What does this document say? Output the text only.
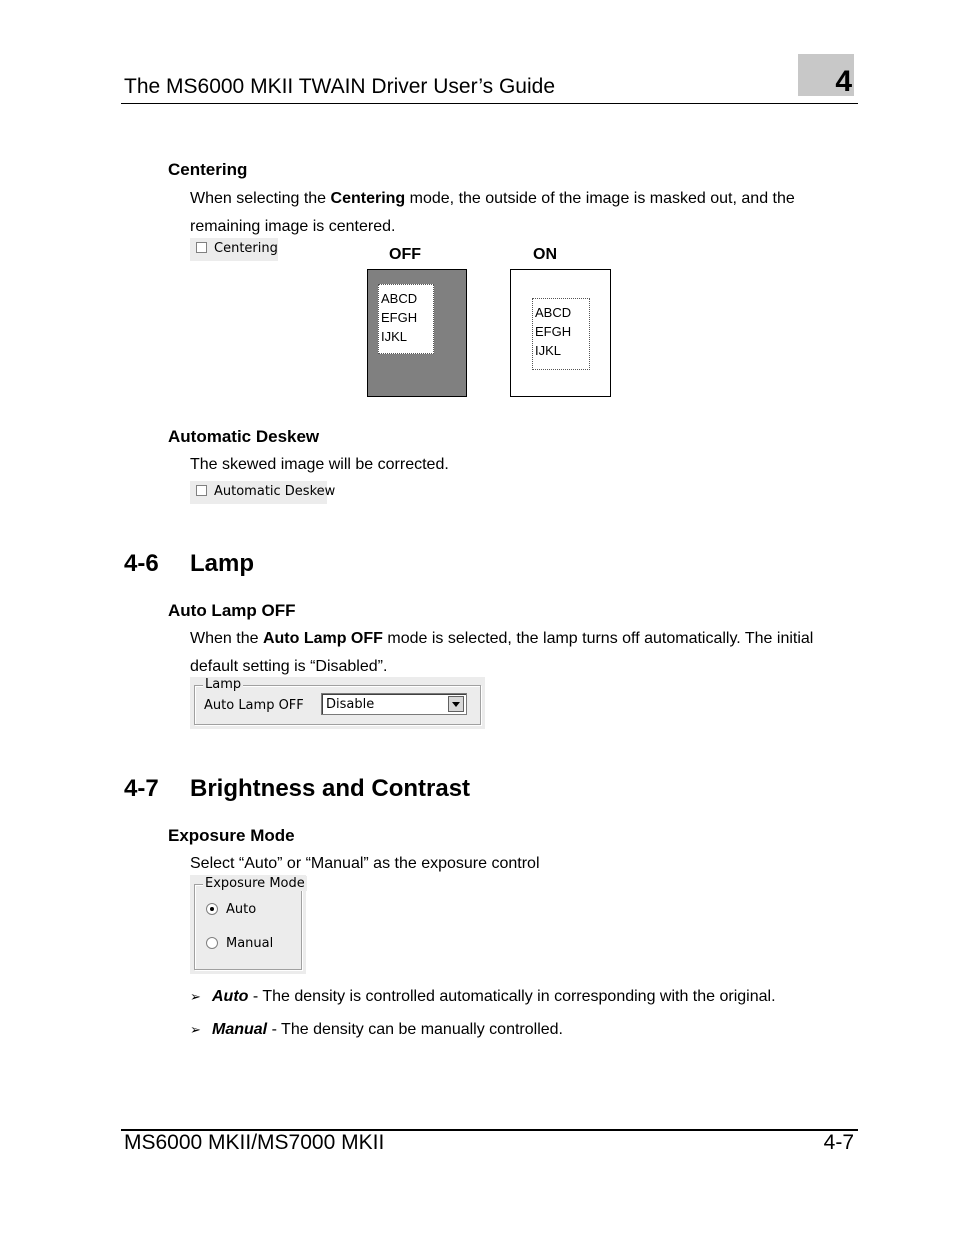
The MS6000 MKII TWAIN Driver User’s Guide	4
Centering
When selecting the Centering mode, the outside of the image is masked out, and the remaining image is centered.
Centering	OFF	ON
ABCD
EFGH
IJKL
ABCD
EFGH
IJKL
Automatic Deskew
The skewed image will be corrected.
Automatic Deskew
4-6 Lamp
Auto Lamp OFF
When the Auto Lamp OFF mode is selected, the lamp turns off automatically. The initial default setting is “Disabled”.
Lamp
Auto Lamp OFF Disable
4-7 Brightness and Contrast
Exposure Mode
Select “Auto” or “Manual” as the exposure control
Exposure Mode
Auto
Manual
➢ Auto - The density is controlled automatically in corresponding with the original.
➢ Manual - The density can be manually controlled.
MS6000 MKII/MS7000 MKII	4-7
